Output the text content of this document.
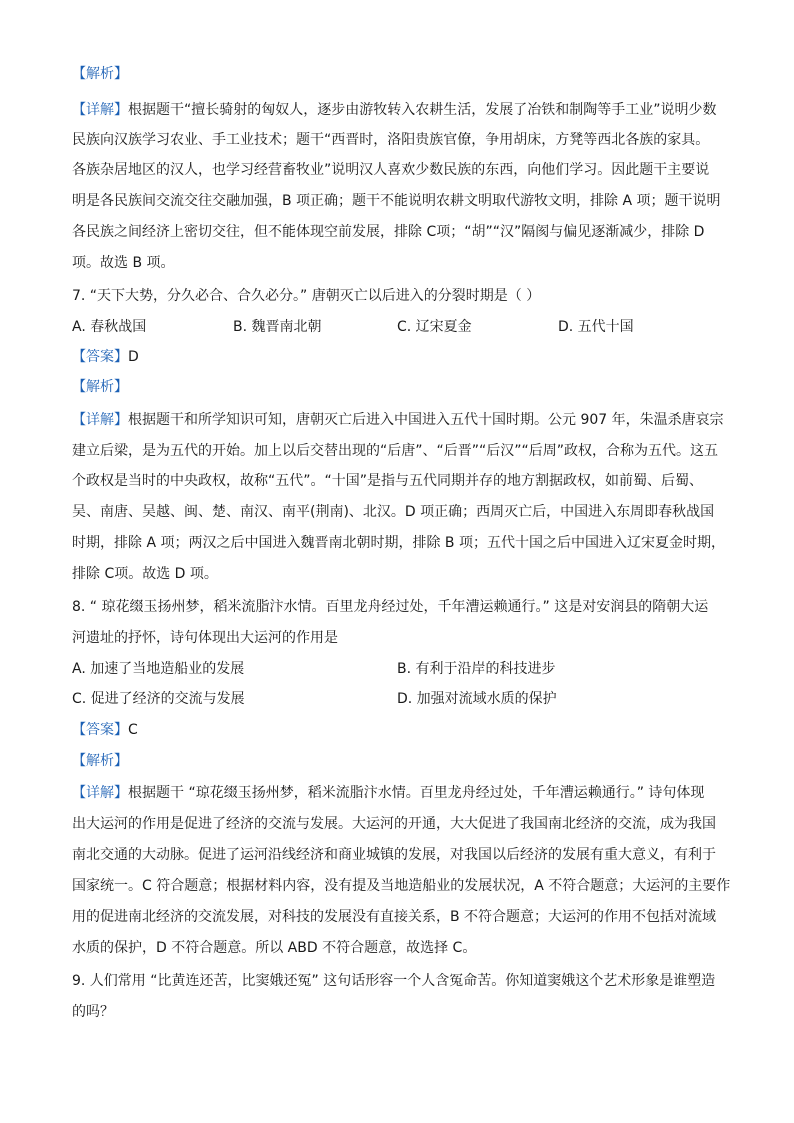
【解析】
【详解】根据题干“擅长骑射的匈奴人，逐步由游牧转入农耕生活，发展了冶铁和制陶等手工业”说明少数
民族向汉族学习农业、手工业技术；题干“西晋时，洛阳贵族官僚，争用胡床，方凳等西北各族的家具。
各族杂居地区的汉人，也学习经营畜牧业”说明汉人喜欢少数民族的东西，向他们学习。因此题干主要说
明是各民族间交流交往交融加强，B 项正确；题干不能说明农耕文明取代游牧文明，排除 A 项；题干说明
各民族之间经济上密切交往，但不能体现空前发展，排除 C项；“胡”“汉”隔阂与偏见逐渐减少，排除 D
项。故选 B 项。
7. “天下大势，分久必合、合久必分。” 唐朝灭亡以后进入的分裂时期是（ ）
A. 春秋战国	B. 魏晋南北朝	C. 辽宋夏金	D. 五代十国
【答案】D
【解析】
【详解】根据题干和所学知识可知，唐朝灭亡后进入中国进入五代十国时期。公元 907 年，朱温杀唐哀宗
建立后梁，是为五代的开始。加上以后交替出现的“后唐”、“后晋”“后汉”“后周”政权，合称为五代。这五
个政权是当时的中央政权，故称“五代”。“十国”是指与五代同期并存的地方割据政权，如前蜀、后蜀、
吴、南唐、吴越、闽、楚、南汉、南平(荆南)、北汉。D 项正确；西周灭亡后，中国进入东周即春秋战国
时期，排除 A 项；两汉之后中国进入魏晋南北朝时期，排除 B 项；五代十国之后中国进入辽宋夏金时期，
排除 C项。故选 D 项。
8. “ 琼花缀玉扬州梦，稻米流脂汴水情。百里龙舟经过处，千年漕运赖通行。” 这是对安润县的隋朝大运
河遗址的抒怀，诗句体现出大运河的作用是
A. 加速了当地造船业的发展	B. 有利于沿岸的科技进步
C. 促进了经济的交流与发展	D. 加强对流域水质的保护
【答案】C
【解析】
【详解】根据题干 “琼花缀玉扬州梦，稻米流脂汴水情。百里龙舟经过处，千年漕运赖通行。” 诗句体现
出大运河的作用是促进了经济的交流与发展。大运河的开通，大大促进了我国南北经济的交流，成为我国
南北交通的大动脉。促进了运河沿线经济和商业城镇的发展，对我国以后经济的发展有重大意义，有利于
国家统一。C 符合题意；根据材料内容，没有提及当地造船业的发展状况，A 不符合题意；大运河的主要作
用的促进南北经济的交流发展，对科技的发展没有直接关系，B 不符合题意；大运河的作用不包括对流域
水质的保护，D 不符合题意。所以 ABD 不符合题意，故选择 C。
9. 人们常用 “比黄连还苦，比窦娥还冤” 这句话形容一个人含冤命苦。你知道窦娥这个艺术形象是谁塑造
的吗？
